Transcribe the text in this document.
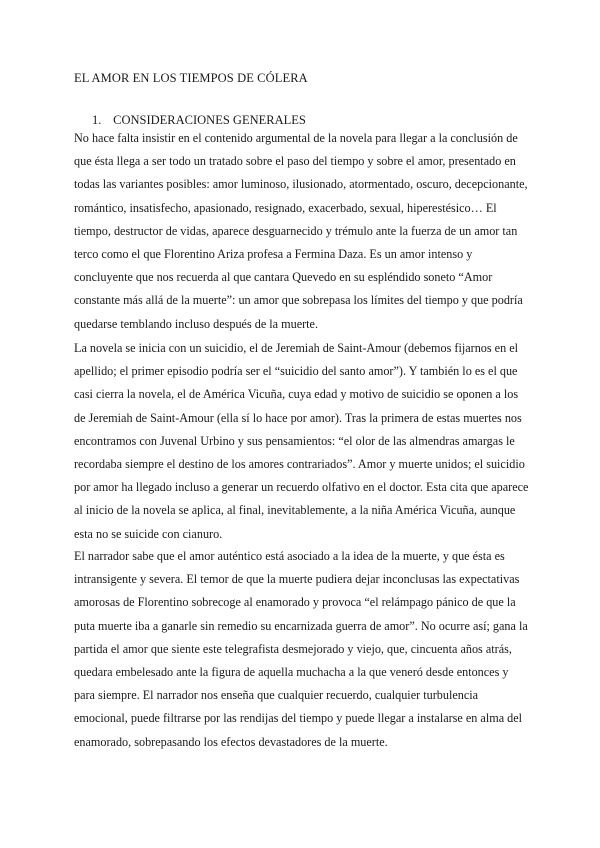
EL AMOR EN LOS TIEMPOS DE CÓLERA
1. CONSIDERACIONES GENERALES

No hace falta insistir en el contenido argumental de la novela para llegar a la conclusión de
que ésta llega a ser todo un tratado sobre el paso del tiempo y sobre el amor, presentado en
todas las variantes posibles: amor luminoso, ilusionado, atormentado, oscuro, decepcionante,
romántico, insatisfecho, apasionado, resignado, exacerbado, sexual, hiperestésico… El
tiempo, destructor de vidas, aparece desguarnecido y trémulo ante la fuerza de un amor tan
terco como el que Florentino Ariza profesa a Fermina Daza. Es un amor intenso y
concluyente que nos recuerda al que cantara Quevedo en su espléndido soneto “Amor
constante más allá de la muerte”: un amor que sobrepasa los límites del tiempo y que podría
quedarse temblando incluso después de la muerte.

La novela se inicia con un suicidio, el de Jeremiah de Saint-Amour (debemos fijarnos en el
apellido; el primer episodio podría ser el “suicidio del santo amor”). Y también lo es el que
casi cierra la novela, el de América Vicuña, cuya edad y motivo de suicidio se oponen a los
de Jeremiah de Saint-Amour (ella sí lo hace por amor). Tras la primera de estas muertes nos
encontramos con Juvenal Urbino y sus pensamientos: “el olor de las almendras amargas le
recordaba siempre el destino de los amores contrariados”. Amor y muerte unidos; el suicidio
por amor ha llegado incluso a generar un recuerdo olfativo en el doctor. Esta cita que aparece
al inicio de la novela se aplica, al final, inevitablemente, a la niña América Vicuña, aunque
esta no se suicide con cianuro.

El narrador sabe que el amor auténtico está asociado a la idea de la muerte, y que ésta es
intransigente y severa. El temor de que la muerte pudiera dejar inconclusas las expectativas
amorosas de Florentino sobrecoge al enamorado y provoca “el relámpago pánico de que la
puta muerte iba a ganarle sin remedio su encarnizada guerra de amor”. No ocurre así; gana la
partida el amor que siente este telegrafista desmejorado y viejo, que, cincuenta años atrás,
quedara embelesado ante la figura de aquella muchacha a la que veneró desde entonces y
para siempre. El narrador nos enseña que cualquier recuerdo, cualquier turbulencia
emocional, puede filtrarse por las rendijas del tiempo y puede llegar a instalarse en alma del
enamorado, sobrepasando los efectos devastadores de la muerte.
